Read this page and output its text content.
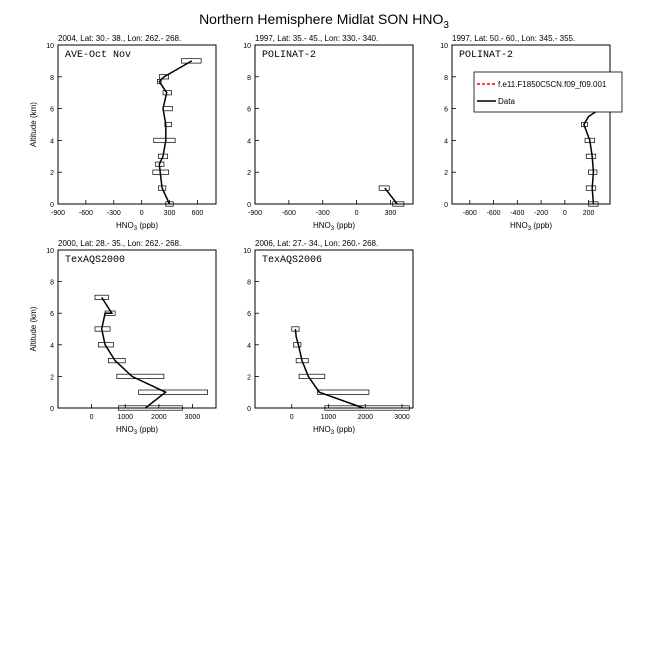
Northern Hemisphere Midlat SON $HNO_3$
2004, Lat: 30.- 38., Lon: 262.- 268.
0
2
4
6
8
10
-900 -600 -300	0	300 600
$HNO_3$ (ppb)
Altitude (km)
AVE-Oct Nov
1997, Lat: 35.- 45., Lon: 330.- 340.
0
2
4
6
8
10
-900	-600	-300	0	300
$HNO_3$ (ppb)
POLINAT-2
1997, Lat: 50.- 60., Lon: 345.- 355.
0
2
4
6
8
10
-800 -600 -400 -200 0 200
$HNO_3$ (ppb)
POLINAT-2
f.e11.F1850C5CN.f09_f09.001
Data
2000, Lat: 28.- 35., Lon: 262.- 268.
0
2
4
6
8
10
0	1000	2000	3000
$HNO_3$ (ppb)
Altitude (km)
TexAQS2000
2006, Lat: 27.- 34., Lon: 260.- 268.
0
2
4
6
8
10
0	1000	2000	3000
$HNO_3$ (ppb)
TexAQS2006
